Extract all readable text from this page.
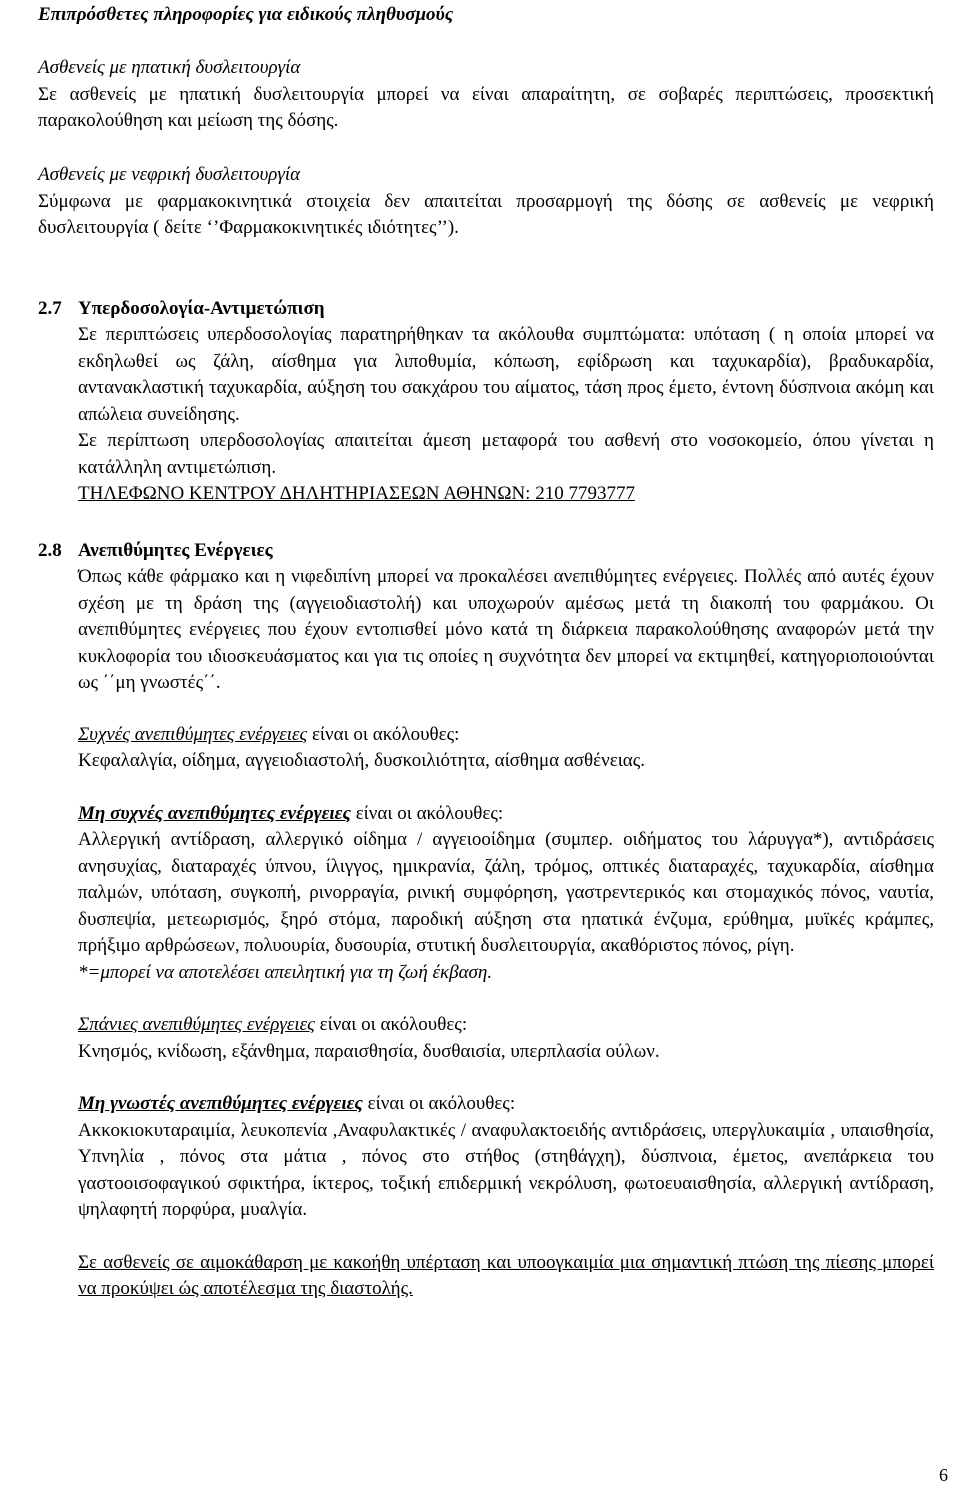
Επιπρόσθετες πληροφορίες για ειδικούς πληθυσμούς

Ασθενείς με ηπατική δυσλειτουργία

Σε ασθενείς με ηπατική δυσλειτουργία μπορεί να είναι απαραίτητη, σε σοβαρές περιπτώσεις, προσεκτική παρακολούθηση και μείωση της δόσης.

Ασθενείς με νεφρική δυσλειτουργία

Σύμφωνα με φαρμακοκινητικά στοιχεία δεν απαιτείται προσαρμογή της δόσης σε ασθενείς με νεφρική δυσλειτουργία ( δείτε ‘’Φαρμακοκινητικές ιδιότητες’’).

2.7 Υπερδοσολογία-Αντιμετώπιση

Σε περιπτώσεις υπερδοσολογίας παρατηρήθηκαν τα ακόλουθα συμπτώματα: υπόταση ( η οποία μπορεί να εκδηλωθεί ως ζάλη, αίσθημα για λιποθυμία, κόπωση, εφίδρωση και ταχυκαρδία), βραδυκαρδία, αντανακλαστική ταχυκαρδία, αύξηση του σακχάρου του αίματος, τάση προς έμετο, έντονη δύσπνοια ακόμη και απώλεια συνείδησης.

Σε περίπτωση υπερδοσολογίας απαιτείται άμεση μεταφορά του ασθενή στο νοσοκομείο, όπου γίνεται η κατάλληλη αντιμετώπιση.

ΤΗΛΕΦΩΝΟ ΚΕΝΤΡΟΥ ΔΗΛΗΤΗΡΙΑΣΕΩΝ ΑΘΗΝΩΝ: 210 7793777

2.8 Ανεπιθύμητες Ενέργειες

Όπως κάθε φάρμακο και η νιφεδιπίνη μπορεί να προκαλέσει ανεπιθύμητες ενέργειες. Πολλές από αυτές έχουν σχέση με τη δράση της (αγγειοδιαστολή) και υποχωρούν αμέσως μετά τη διακοπή του φαρμάκου. Οι ανεπιθύμητες ενέργειες που έχουν εντοπισθεί μόνο κατά τη διάρκεια παρακολούθησης αναφορών μετά την κυκλοφορία του ιδιοσκευάσματος και για τις οποίες η συχνότητα δεν μπορεί να εκτιμηθεί, κατηγοριοποιούνται ως ΄΄μη γνωστές΄΄.

Συχνές ανεπιθύμητες ενέργειες είναι οι ακόλουθες:

Κεφαλαλγία, οίδημα, αγγειοδιαστολή, δυσκοιλιότητα, αίσθημα ασθένειας.

Μη συχνές ανεπιθύμητες ενέργειες είναι οι ακόλουθες:

Αλλεργική αντίδραση, αλλεργικό οίδημα / αγγειοοίδημα (συμπερ. οιδήματος του λάρυγγα*), αντιδράσεις ανησυχίας, διαταραχές ύπνου, ίλιγγος, ημικρανία, ζάλη, τρόμος, οπτικές διαταραχές, ταχυκαρδία, αίσθημα παλμών, υπόταση, συγκοπή, ρινορραγία, ρινική συμφόρηση, γαστρεντερικός και στομαχικός πόνος, ναυτία, δυσπεψία, μετεωρισμός, ξηρό στόμα, παροδική αύξηση στα ηπατικά ένζυμα, ερύθημα, μυϊκές κράμπες, πρήξιμο αρθρώσεων, πολυουρία, δυσουρία, στυτική δυσλειτουργία, ακαθόριστος πόνος, ρίγη.

*=μπορεί να αποτελέσει απειλητική για τη ζωή έκβαση.

Σπάνιες ανεπιθύμητες ενέργειες είναι οι ακόλουθες:

Κνησμός, κνίδωση, εξάνθημα, παραισθησία, δυσθαισία, υπερπλασία ούλων.

Μη γνωστές ανεπιθύμητες ενέργειες είναι οι ακόλουθες:

Ακκοκιοκυταραιμία, λευκοπενία ,Αναφυλακτικές / αναφυλακτοειδής αντιδράσεις, υπεργλυκαιμία , υπαισθησία, Υπνηλία , πόνος στα μάτια , πόνος στο στήθος (στηθάγχη), δύσπνοια, έμετος, ανεπάρκεια του γαστοοισοφαγικού σφικτήρα, ίκτερος, τοξική επιδερμική νεκρόλυση, φωτοευαισθησία, αλλεργική αντίδραση, ψηλαφητή πορφύρα, μυαλγία.

Σε ασθενείς σε αιμοκάθαρση με κακοήθη υπέρταση και υποογκαιμία μια σημαντική πτώση της πίεσης μπορεί να προκύψει ώς αποτέλεσμα της διαστολής.

6
